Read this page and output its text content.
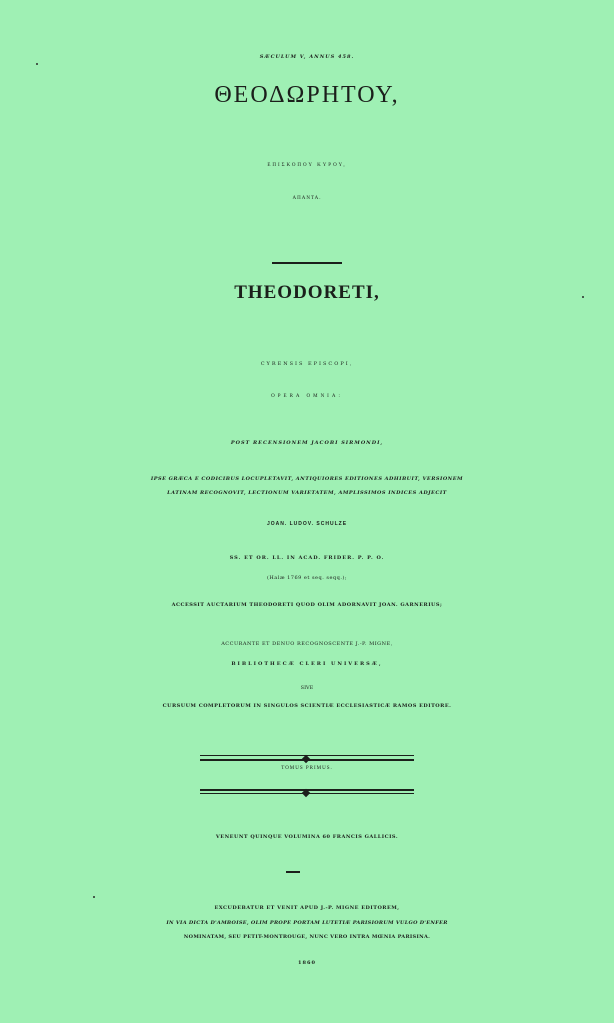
SÆCULUM V, ANNUS 458.
ΘΕΟΔΩΡΗΤΟΥ,
ΕΠΙΣΚΟΠΟΥ ΚΥΡΟΥ,
ΑΠΑΝΤΑ.
THEODORETI,
CYRENSIS EPISCOPI,
OPERA OMNIA:
POST RECENSIONEM JACOBI SIRMONDI,
IPSE GRÆCA E CODICIBUS LOCUPLETAVIT, ANTIQUIORES EDITIONES ADHIBUIT, VERSIONEM
LATINAM RECOGNOVIT, LECTIONUM VARIETATEM, AMPLISSIMOS INDICES ADJECIT
JOAN. LUDOV. SCHULZE
SS. ET OR. LL. IN ACAD. FRIDER. P. P. O.
(Halæ 1769 et seq. seqq.);
ACCESSIT AUCTARIUM THEODORETI QUOD OLIM ADORNAVIT JOAN. GARNERIUS;
ACCURANTE ET DENUO RECOGNOSCENTE J.-P. MIGNE,
BIBLIOTHECÆ CLERI UNIVERSÆ,
SIVE
CURSUUM COMPLETORUM IN SINGULOS SCIENTIÆ ECCLESIASTICÆ RAMOS EDITORE.
TOMUS PRIMUS.
VENEUNT QUINQUE VOLUMINA 60 FRANCIS GALLICIS.
EXCUDEBATUR ET VENIT APUD J.-P. MIGNE EDITOREM,
IN VIA DICTA D'AMBOISE, OLIM PROPE PORTAM LUTETIÆ PARISIORUM VULGO D'ENFER
NOMINATAM, SEU PETIT-MONTROUGE, NUNC VERO INTRA MŒNIA PARISINA.
1860
